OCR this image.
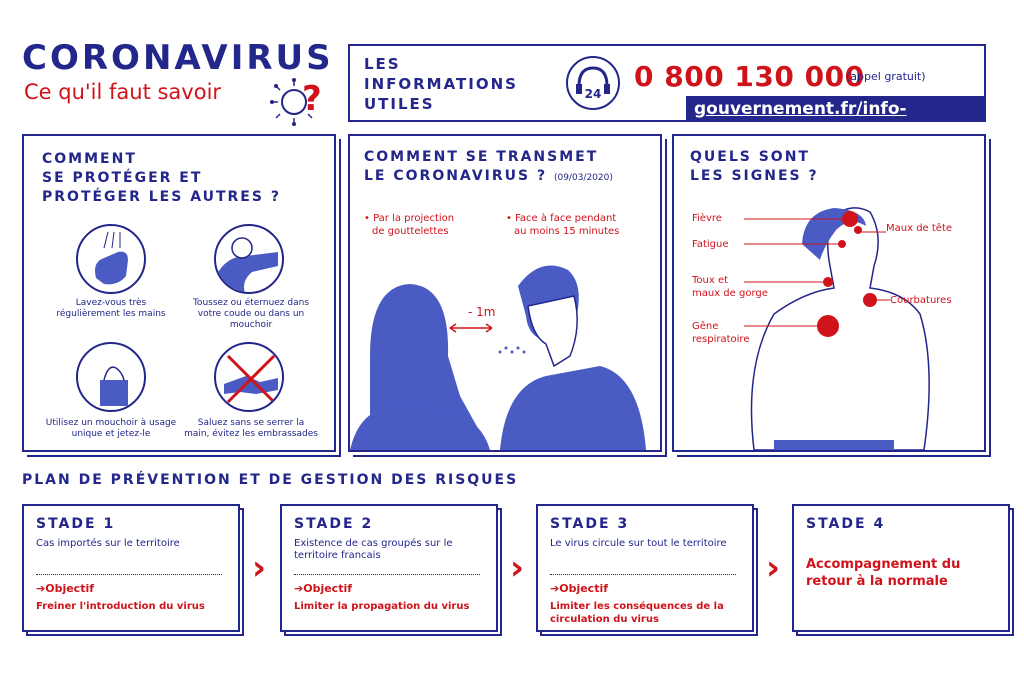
CORONAVIRUS
Ce qu'il faut savoir ?
LES
INFORMATIONS
UTILES
24
0 800 130 000
(appel gratuit)
gouvernement.fr/info-
COMMENT
SE PROTÉGER ET
PROTÉGER LES AUTRES ?
Lavez-vous très régulièrement les mains
Toussez ou éternuez dans votre coude ou dans un mouchoir
Utilisez un mouchoir à usage unique et jetez-le
Saluez sans se serrer la main, évitez les embrassades
COMMENT SE TRANSMET
LE CORONAVIRUS ? (09/03/2020)
• Par la projection
de gouttelettes
• Face à face pendant
au moins 15 minutes
- 1m
QUELS SONT
LES SIGNES ?
Fièvre
Fatigue
Toux et
maux de gorge
Gêne
respiratoire
Maux de tête
Courbatures
PLAN DE PRÉVENTION ET DE GESTION DES RISQUES
STADE 1
Cas importés sur le territoire
➔Objectif
Freiner l'introduction du virus
›
STADE 2
Existence de cas groupés sur le territoire francais
➔Objectif
Limiter la propagation du virus
›
STADE 3
Le virus circule sur tout le territoire
➔Objectif
Limiter les conséquences de la circulation du virus
›
STADE 4
Accompagnement du retour à la normale
